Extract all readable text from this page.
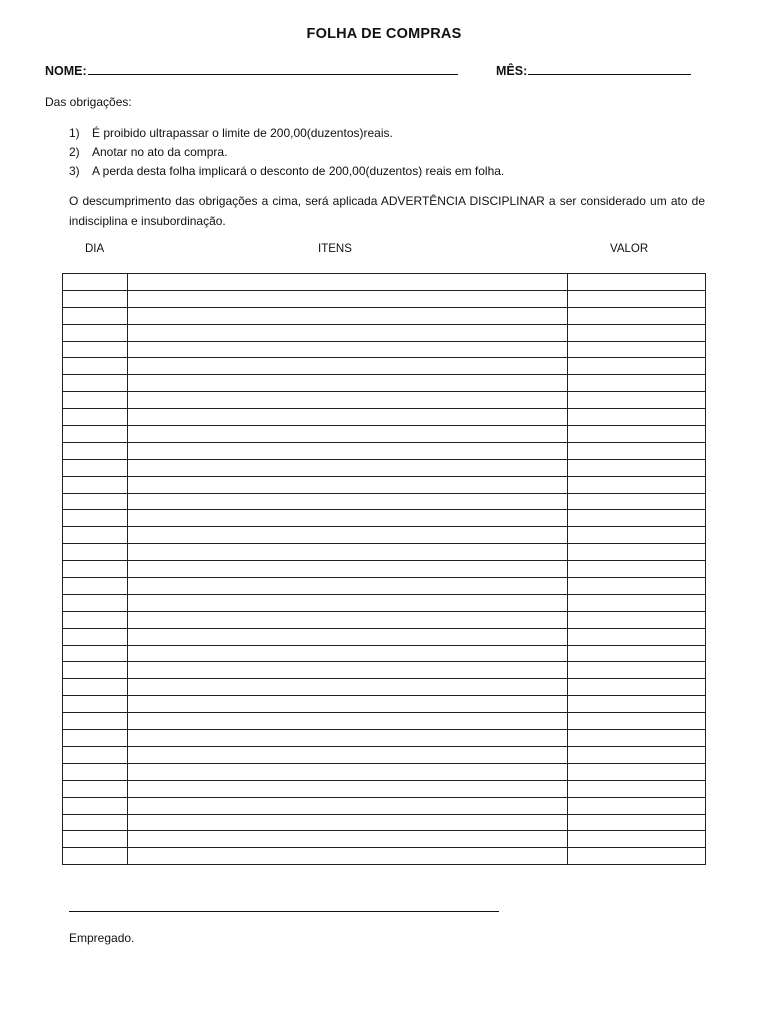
FOLHA DE COMPRAS
NOME:	MÊS:
Das obrigações:
1) É proibido ultrapassar o limite de 200,00(duzentos)reais.
2) Anotar no ato da compra.
3) A perda desta folha implicará o desconto de 200,00(duzentos) reais em folha.
O descumprimento das obrigações a cima, será aplicada ADVERTÊNCIA DISCIPLINAR a ser considerado um ato de indisciplina e insubordinação.
DIA	ITENS	VALOR

Empregado.
